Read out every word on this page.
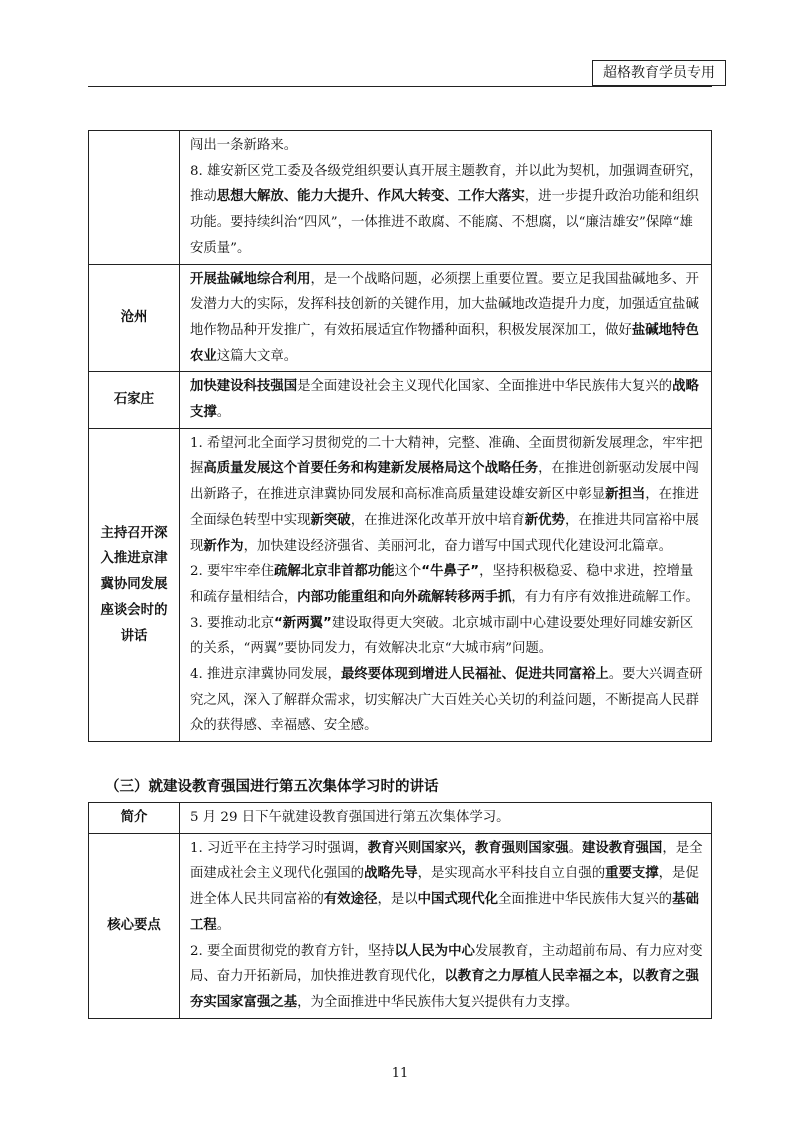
超格教育学员专用

	闯出一条新路来。

8. 雄安新区党工委及各级党组织要认真开展主题教育，并以此为契机，加强调查研究，推动思想大解放、能力大提升、作风大转变、工作大落实，进一步提升政治功能和组织功能。要持续纠治“四风”，一体推进不敢腐、不能腐、不想腐，以“廉洁雄安”保障“雄安质量”。

沧州	开展盐碱地综合利用，是一个战略问题，必须摆上重要位置。要立足我国盐碱地多、开发潜力大的实际，发挥科技创新的关键作用，加大盐碱地改造提升力度，加强适宜盐碱地作物品种开发推广，有效拓展适宜作物播种面积，积极发展深加工，做好盐碱地特色农业这篇大文章。

石家庄	加快建设科技强国是全面建设社会主义现代化国家、全面推进中华民族伟大复兴的战略支撑。

主持召开深入推进京津冀协同发展座谈会时的讲话	1. 希望河北全面学习贯彻党的二十大精神，完整、准确、全面贯彻新发展理念，牢牢把握高质量发展这个首要任务和构建新发展格局这个战略任务，在推进创新驱动发展中闯出新路子，在推进京津冀协同发展和高标准高质量建设雄安新区中彰显新担当，在推进全面绿色转型中实现新突破，在推进深化改革开放中培育新优势，在推进共同富裕中展现新作为，加快建设经济强省、美丽河北，奋力谱写中国式现代化建设河北篇章。

2. 要牢牢牵住疏解北京非首都功能这个“牛鼻子”，坚持积极稳妥、稳中求进，控增量和疏存量相结合，内部功能重组和向外疏解转移两手抓，有力有序有效推进疏解工作。

3. 要推动北京“新两翼”建设取得更大突破。北京城市副中心建设要处理好同雄安新区的关系，“两翼”要协同发力，有效解决北京“大城市病”问题。

4. 推进京津冀协同发展，最终要体现到增进人民福祉、促进共同富裕上。要大兴调查研究之风，深入了解群众需求，切实解决广大百姓关心关切的利益问题，不断提高人民群众的获得感、幸福感、安全感。

（三）就建设教育强国进行第五次集体学习时的讲话
简介	5 月 29 日下午就建设教育强国进行第五次集体学习。

核心要点	1. 习近平在主持学习时强调，教育兴则国家兴，教育强则国家强。建设教育强国，是全面建成社会主义现代化强国的战略先导，是实现高水平科技自立自强的重要支撑，是促进全体人民共同富裕的有效途径，是以中国式现代化全面推进中华民族伟大复兴的基础工程。

2. 要全面贯彻党的教育方针，坚持以人民为中心发展教育，主动超前布局、有力应对变局、奋力开拓新局，加快推进教育现代化，以教育之力厚植人民幸福之本，以教育之强夯实国家富强之基，为全面推进中华民族伟大复兴提供有力支撑。

11
